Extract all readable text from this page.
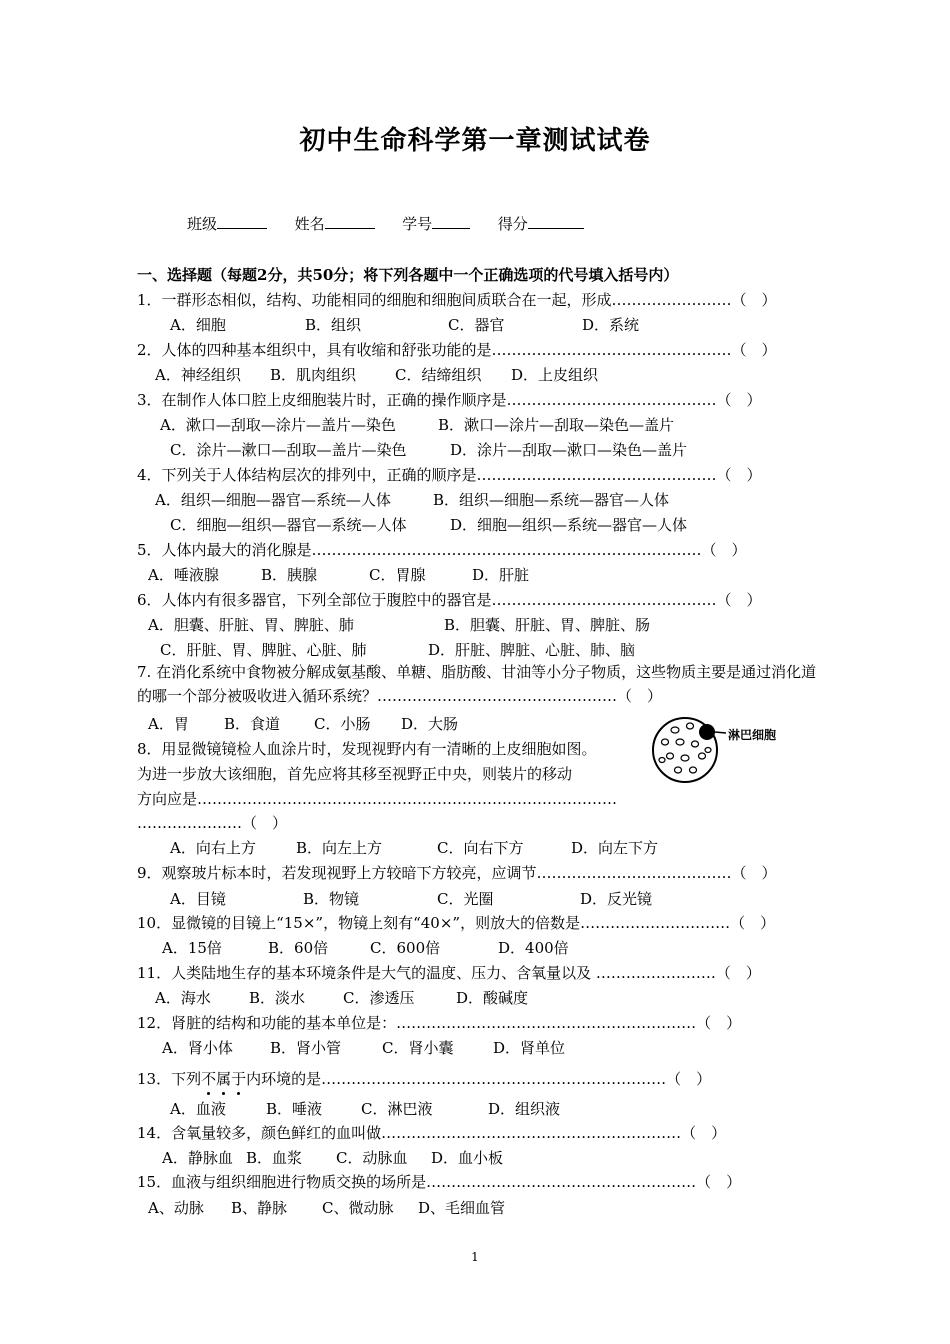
初中生命科学第一章测试试卷
班级	姓名	学号	得分
一、选择题（每题2分，共50分；将下列各题中一个正确选项的代号填入括号内）
1．一群形态相似，结构、功能相同的细胞和细胞间质联合在一起，形成……………………（　）
A．细胞	B．组织	C．器官	D．系统
2．人体的四种基本组织中，具有收缩和舒张功能的是…………………………………………（　）
A．神经组织 B．肌肉组织	C．结缔组织 D．上皮组织
3．在制作人体口腔上皮细胞装片时，正确的操作顺序是……………………………………（　）
A．漱口—刮取—涂片—盖片—染色	B．漱口—涂片—刮取—染色—盖片
C．涂片—漱口—刮取—盖片—染色	D．涂片—刮取—漱口—染色—盖片
4．下列关于人体结构层次的排列中，正确的顺序是…………………………………………（　）
A．组织—细胞—器官—系统—人体	B．组织—细胞—系统—器官—人体
C．细胞—组织—器官—系统—人体	D．细胞—组织—系统—器官—人体
5．人体内最大的消化腺是……………………………………………………………………（　）
A．唾液腺	B．胰腺	C．胃腺	D．肝脏
6．人体内有很多器官，下列全部位于腹腔中的器官是………………………………………（　）
A．胆囊、肝脏、胃、脾脏、肺	B．胆囊、肝脏、胃、脾脏、肠
C．肝脏、胃、脾脏、心脏、肺	D．肝脏、脾脏、心脏、肺、脑
7. 在消化系统中食物被分解成氨基酸、单糖、脂肪酸、甘油等小分子物质，这些物质主要是通过消化道的哪一个部分被吸收进入循环系统？…………………………………………（　）
A．胃 B．食道 C．小肠 D．大肠
8．用显微镜镜检人血涂片时，发现视野内有一清晰的上皮细胞如图。
为进一步放大该细胞，首先应将其移至视野正中央，则装片的移动
方向应是…………………………………………………………………………
…………………（　）
淋巴细胞
A．向右上方	B．向左上方	C．向右下方	D．向左下方
9．观察玻片标本时，若发现视野上方较暗下方较亮，应调节…………………………………（　）
A．目镜	B．物镜	C．光圈	D．反光镜
10．显微镜的目镜上“15×”，物镜上刻有“40×”，则放大的倍数是…………………………（　）
A．15倍	B．60倍	C．600倍	D．400倍
11．人类陆地生存的基本环境条件是大气的温度、压力、含氧量以及 ……………………（　）
A．海水	B．淡水	C．渗透压	D．酸碱度
12．肾脏的结构和功能的基本单位是：……………………………………………………（　）
A．肾小体 B．肾小管	C．肾小囊	D．肾单位
13．下列不属于
内环境的是……………………………………………………………（　）
A．血液	B．唾液	C．淋巴液	D．组织液
14．含氧量较多，颜色鲜红的血叫做……………………………………………………（　）
A．静脉血 B．血浆 C．动脉血 D．血小板
15．血液与组织细胞进行物质交换的场所是………………………………………………（　）
A、动脉 B、静脉 C、微动脉 D、毛细血管
1
